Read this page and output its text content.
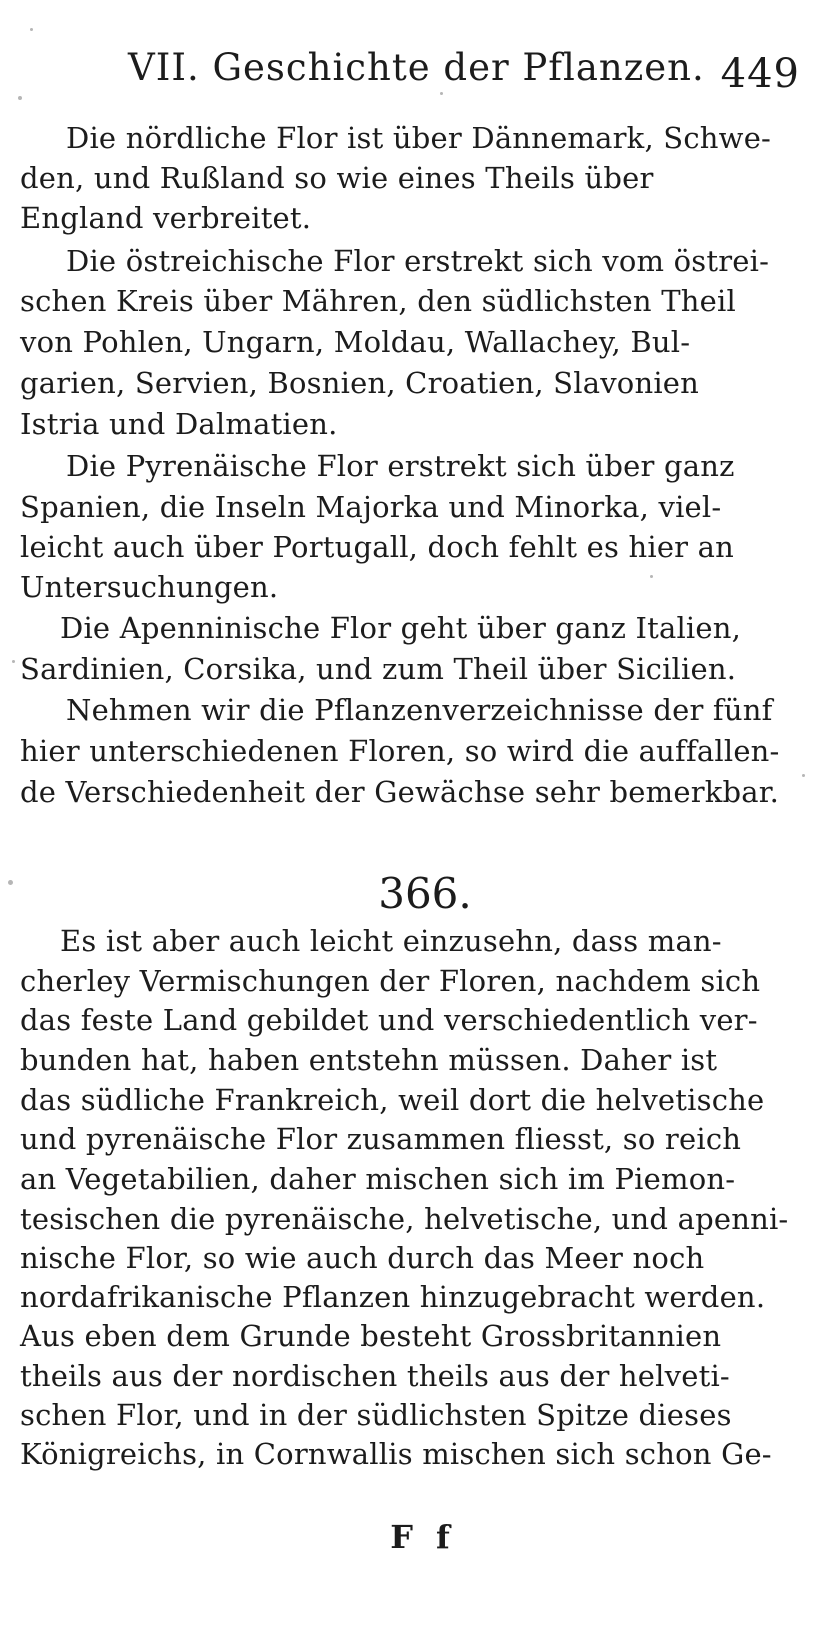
VII. Geschichte der Pflanzen. 449
Die nördliche Flor ist über Dännemark, Schwe-
den, und Rußland so wie eines Theils über
England verbreitet.
Die östreichische Flor erstrekt sich vom östrei-
schen Kreis über Mähren, den südlichsten Theil
von Pohlen, Ungarn, Moldau, Wallachey, Bul-
garien, Servien, Bosnien, Croatien, Slavonien
Istria und Dalmatien.
Die Pyrenäische Flor erstrekt sich über ganz
Spanien, die Inseln Majorka und Minorka, viel-
leicht auch über Portugall, doch fehlt es hier an
Untersuchungen.
Die Apenninische Flor geht über ganz Italien,
Sardinien, Corsika, und zum Theil über Sicilien.
Nehmen wir die Pflanzenverzeichnisse der fünf
hier unterschiedenen Floren, so wird die auffallen-
de Verschiedenheit der Gewächse sehr bemerkbar.
366.
Es ist aber auch leicht einzusehn, dass man-
cherley Vermischungen der Floren, nachdem sich
das feste Land gebildet und verschiedentlich ver-
bunden hat, haben entstehn müssen. Daher ist
das südliche Frankreich, weil dort die helvetische
und pyrenäische Flor zusammen fliesst, so reich
an Vegetabilien, daher mischen sich im Piemon-
tesischen die pyrenäische, helvetische, und apenni-
nische Flor, so wie auch durch das Meer noch
nordafrikanische Pflanzen hinzugebracht werden.
Aus eben dem Grunde besteht Grossbritannien
theils aus der nordischen theils aus der helveti-
schen Flor, und in der südlichsten Spitze dieses
Königreichs, in Cornwallis mischen sich schon Ge-
F f
